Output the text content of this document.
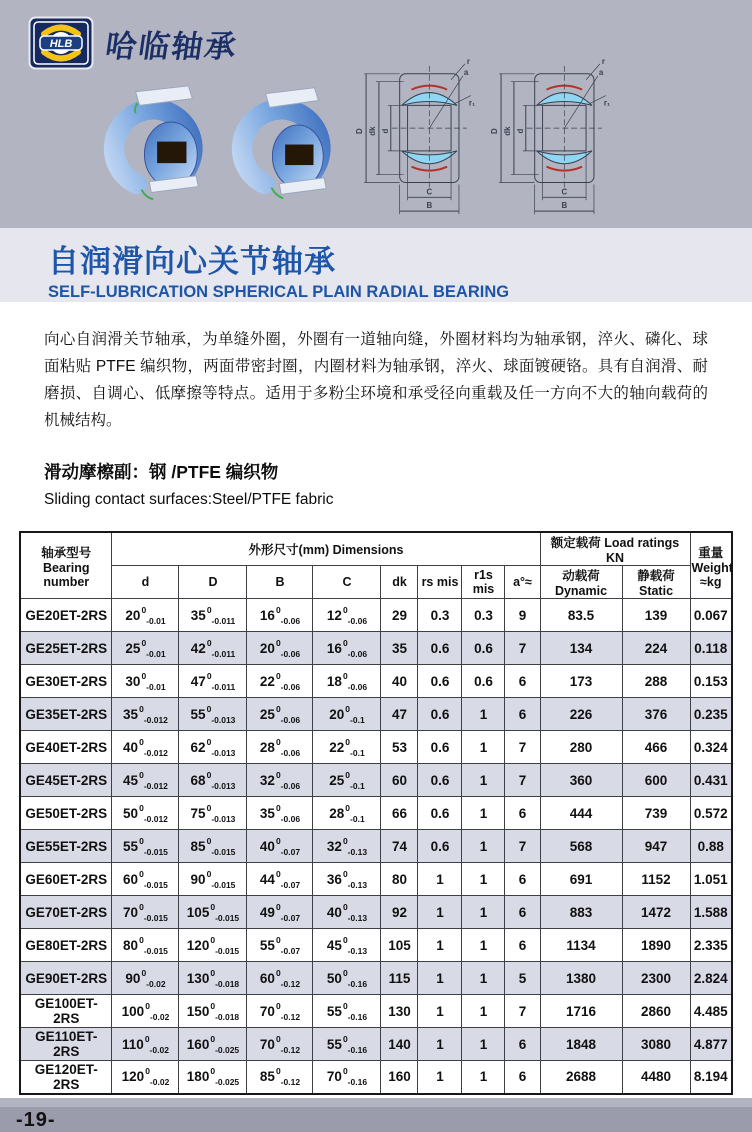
HLB 哈临轴承
D dk d
C
B
r
a
r₁
D dk d
C
B
r
a
r₁
自润滑向心关节轴承
SELF-LUBRICATION SPHERICAL PLAIN RADIAL BEARING

向心自润滑关节轴承，为单缝外圈，外圈有一道轴向缝，外圈材料均为轴承钢，淬火、磷化、球面粘贴 PTFE 编织物，两面带密封圈，内圈材料为轴承钢，淬火、球面镀硬铬。具有自润滑、耐磨损、自调心、低摩擦等特点。适用于多粉尘环境和承受径向重载及任一方向不大的轴向载荷的机械结构。

滑动摩檫副：钢 /PTFE 编织物
Sliding contact surfaces:Steel/PTFE fabric
轴承型号
Bearing number	外形尺寸(mm) Dimensions								额定载荷 Load ratings KN		重量
Weight
≈kg
	d	D	B	C	dk	rs mis	r1s mis	a°≈	动载荷 Dynamic	静载荷 Static	
GE20ET-2RS	$20^0_{-0.01}$	$35^0_{-0.011}$	$16^0_{-0.06}$	$12^0_{-0.06}$	29	0.3	0.3	9	83.5	139	0.067
GE25ET-2RS	$25^0_{-0.01}$	$42^0_{-0.011}$	$20^0_{-0.06}$	$16^0_{-0.06}$	35	0.6	0.6	7	134	224	0.118
GE30ET-2RS	$30^0_{-0.01}$	$47^0_{-0.011}$	$22^0_{-0.06}$	$18^0_{-0.06}$	40	0.6	0.6	6	173	288	0.153
GE35ET-2RS	$35^0_{-0.012}$	$55^0_{-0.013}$	$25^0_{-0.06}$	$20^0_{-0.1}$	47	0.6	1	6	226	376	0.235
GE40ET-2RS	$40^0_{-0.012}$	$62^0_{-0.013}$	$28^0_{-0.06}$	$22^0_{-0.1}$	53	0.6	1	7	280	466	0.324
GE45ET-2RS	$45^0_{-0.012}$	$68^0_{-0.013}$	$32^0_{-0.06}$	$25^0_{-0.1}$	60	0.6	1	7	360	600	0.431
GE50ET-2RS	$50^0_{-0.012}$	$75^0_{-0.013}$	$35^0_{-0.06}$	$28^0_{-0.1}$	66	0.6	1	6	444	739	0.572
GE55ET-2RS	$55^0_{-0.015}$	$85^0_{-0.015}$	$40^0_{-0.07}$	$32^0_{-0.13}$	74	0.6	1	7	568	947	0.88
GE60ET-2RS	$60^0_{-0.015}$	$90^0_{-0.015}$	$44^0_{-0.07}$	$36^0_{-0.13}$	80	1	1	6	691	1152	1.051
GE70ET-2RS	$70^0_{-0.015}$	$105^0_{-0.015}$	$49^0_{-0.07}$	$40^0_{-0.13}$	92	1	1	6	883	1472	1.588
GE80ET-2RS	$80^0_{-0.015}$	$120^0_{-0.015}$	$55^0_{-0.07}$	$45^0_{-0.13}$	105	1	1	6	1134	1890	2.335
GE90ET-2RS	$90^0_{-0.02}$	$130^0_{-0.018}$	$60^0_{-0.12}$	$50^0_{-0.16}$	115	1	1	5	1380	2300	2.824
GE100ET-2RS	$100^0_{-0.02}$	$150^0_{-0.018}$	$70^0_{-0.12}$	$55^0_{-0.16}$	130	1	1	7	1716	2860	4.485
GE110ET-2RS	$110^0_{-0.02}$	$160^0_{-0.025}$	$70^0_{-0.12}$	$55^0_{-0.16}$	140	1	1	6	1848	3080	4.877
GE120ET-2RS	$120^0_{-0.02}$	$180^0_{-0.025}$	$85^0_{-0.12}$	$70^0_{-0.16}$	160	1	1	6	2688	4480	8.194
-19-
